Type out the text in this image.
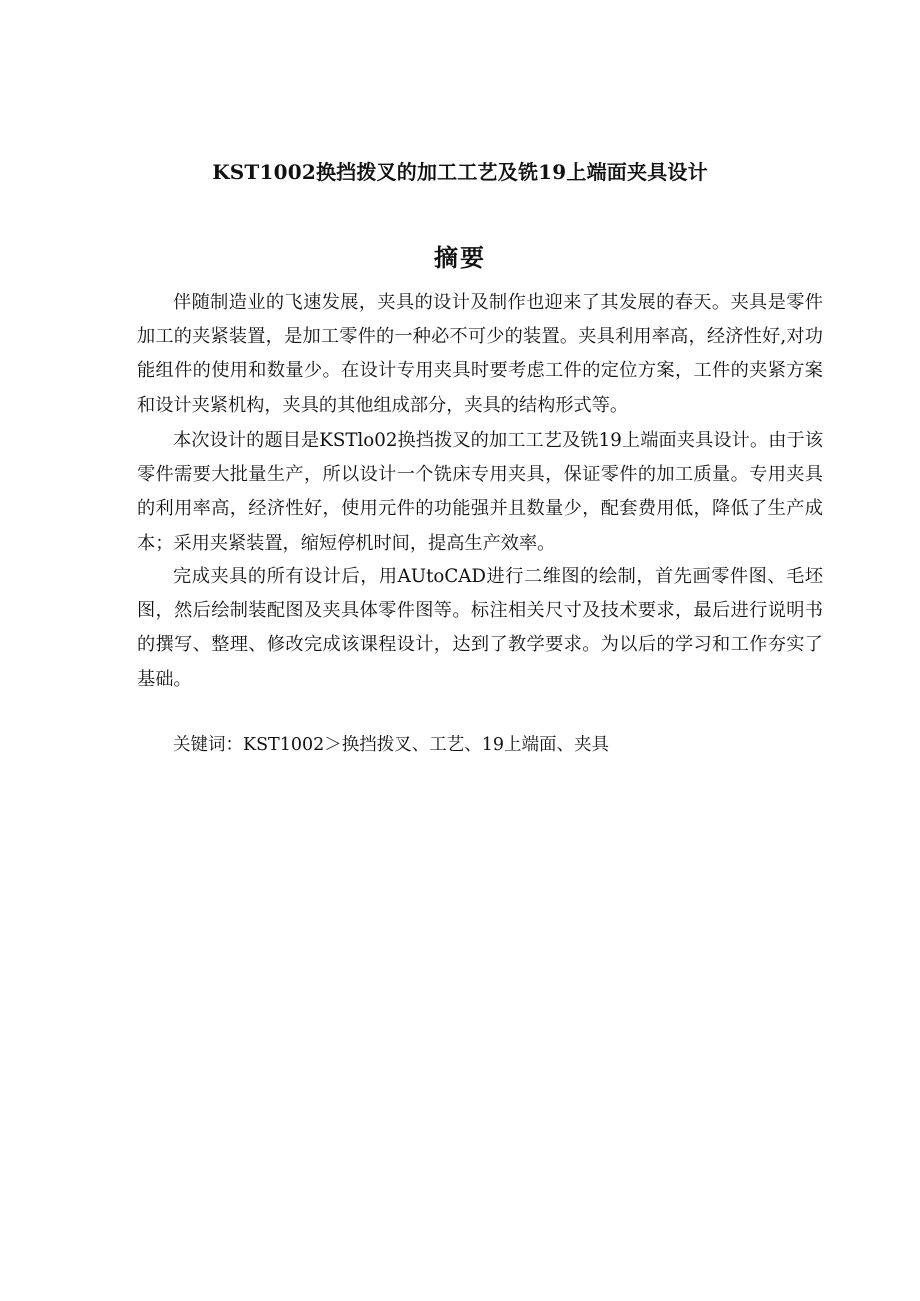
KST1002换挡拨叉的加工工艺及铣19上端面夹具设计
摘要

伴随制造业的飞速发展，夹具的设计及制作也迎来了其发展的春天。夹具是零件加工的夹紧装置，是加工零件的一种必不可少的装置。夹具利用率高，经济性好,对功能组件的使用和数量少。在设计专用夹具时要考虑工件的定位方案，工件的夹紧方案和设计夹紧机构，夹具的其他组成部分，夹具的结构形式等。

本次设计的题目是KSTlo02换挡拨叉的加工工艺及铣19上端面夹具设计。由于该零件需要大批量生产，所以设计一个铣床专用夹具，保证零件的加工质量。专用夹具的利用率高，经济性好，使用元件的功能强并且数量少，配套费用低，降低了生产成本；采用夹紧装置，缩短停机时间，提高生产效率。

完成夹具的所有设计后，用AUtoCAD进行二维图的绘制，首先画零件图、毛坯图，然后绘制装配图及夹具体零件图等。标注相关尺寸及技术要求，最后进行说明书的撰写、整理、修改完成该课程设计，达到了教学要求。为以后的学习和工作夯实了基础。

关键词：KST1002＞换挡拨叉、工艺、19上端面、夹具
